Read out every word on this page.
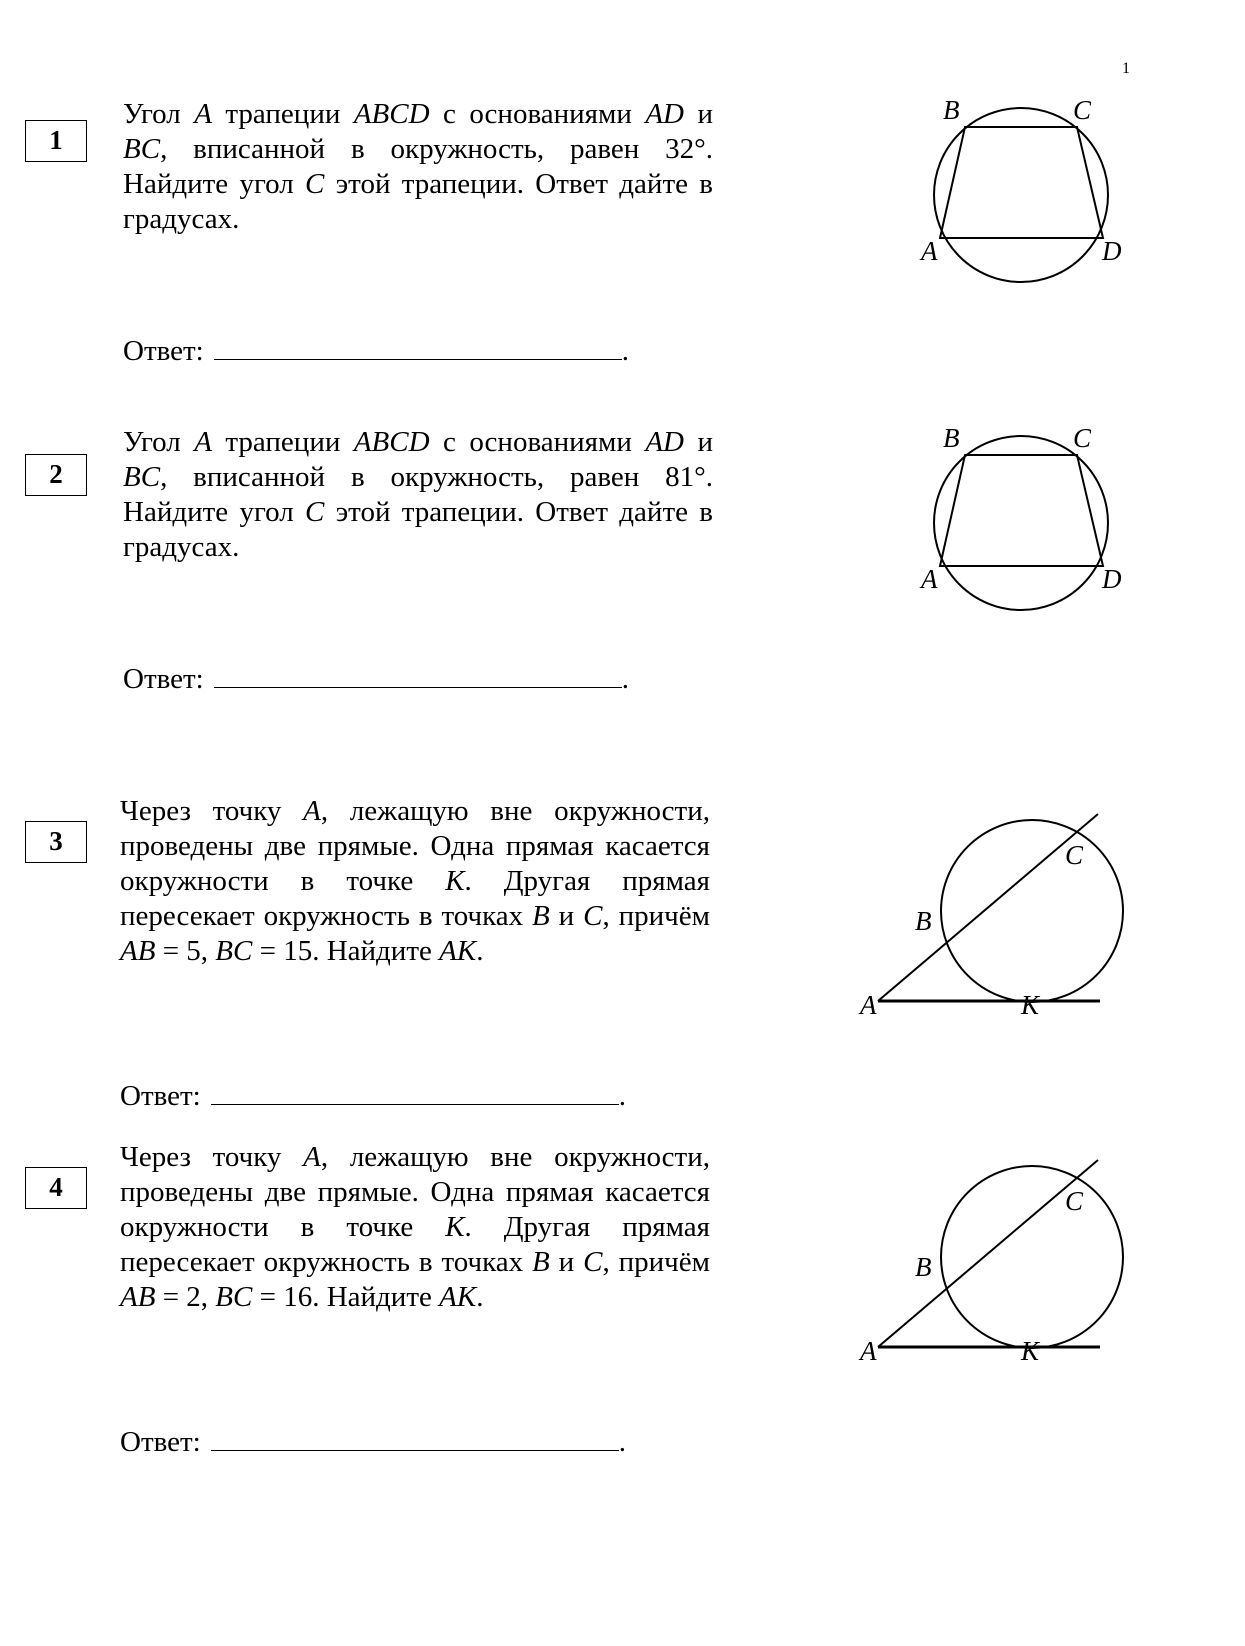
1
1

Угол A трапеции ABCD с основаниями AD и BC, вписанной в окружность, равен 32°. Найдите угол C этой трапеции. Ответ дайте в градусах.

Ответ:	.
B	C
A	D
2

Угол A трапеции ABCD с основаниями AD и BC, вписанной в окружность, равен 81°. Найдите угол C этой трапеции. Ответ дайте в градусах.

Ответ:	.
B	C
A	D
3

Через точку A, лежащую вне окружности, проведены две прямые. Одна прямая касается окружности в точке K. Другая прямая пересекает окружность в точках B и C, причём AB = 5, BC = 15. Найдите AK.

Ответ:	.
B
C
A	K
4

Через точку A, лежащую вне окружности, проведены две прямые. Одна прямая касается окружности в точке K. Другая прямая пересекает окружность в точках B и C, причём AB = 2, BC = 16. Найдите AK.

Ответ:	.
B
C
A	K
